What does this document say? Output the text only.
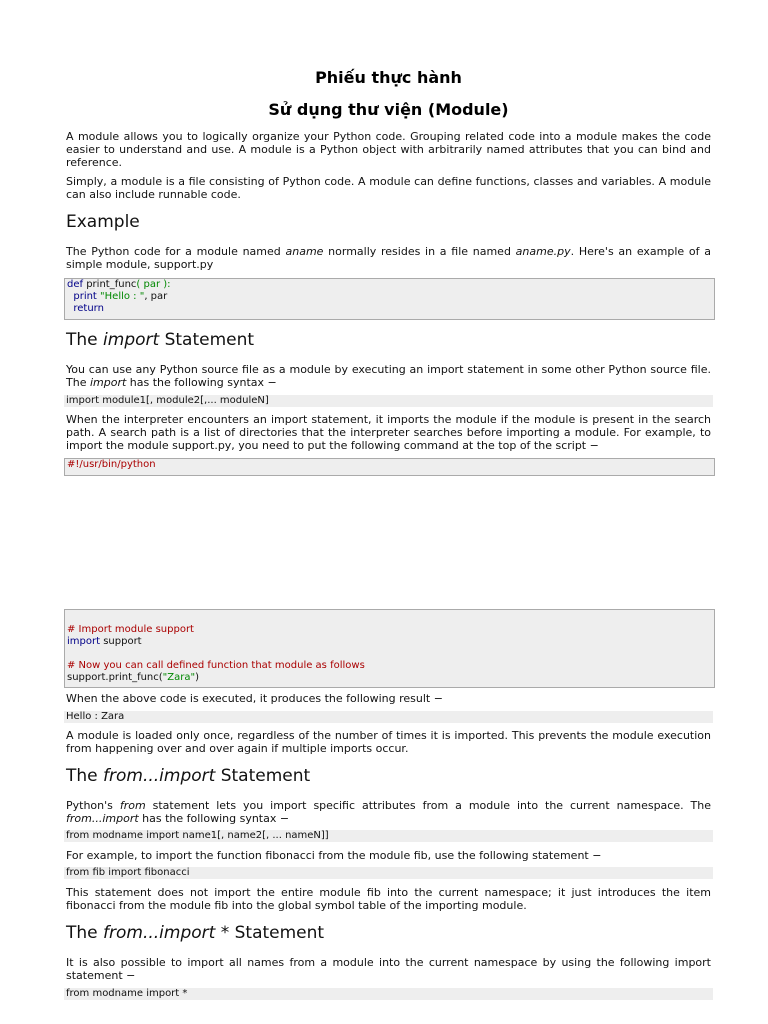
Phiếu thực hành
Sử dụng thư viện (Module)

A module allows you to logically organize your Python code. Grouping related code into a module makes the code easier to understand and use. A module is a Python object with arbitrarily named attributes that you can bind and reference.

Simply, a module is a file consisting of Python code. A module can define functions, classes and variables. A module can also include runnable code.

Example

The Python code for a module named aname normally resides in a file named aname.py. Here's an example of a simple module, support.py

def print_func( par ):
print "Hello : ", par
return
The import Statement

You can use any Python source file as a module by executing an import statement in some other Python source file. The import has the following syntax −

import module1[, module2[,... moduleN]

When the interpreter encounters an import statement, it imports the module if the module is present in the search path. A search path is a list of directories that the interpreter searches before importing a module. For example, to import the module support.py, you need to put the following command at the top of the script −

#!/usr/bin/python

# Import module support
import support

# Now you can call defined function that module as follows
support.print_func("Zara")

When the above code is executed, it produces the following result −

Hello : Zara

A module is loaded only once, regardless of the number of times it is imported. This prevents the module execution from happening over and over again if multiple imports occur.

The from...import Statement

Python's from statement lets you import specific attributes from a module into the current namespace. The from...import has the following syntax −

from modname import name1[, name2[, ... nameN]]

For example, to import the function fibonacci from the module fib, use the following statement −

from fib import fibonacci

This statement does not import the entire module fib into the current namespace; it just introduces the item fibonacci from the module fib into the global symbol table of the importing module.

The from...import * Statement

It is also possible to import all names from a module into the current namespace by using the following import statement −

from modname import *
